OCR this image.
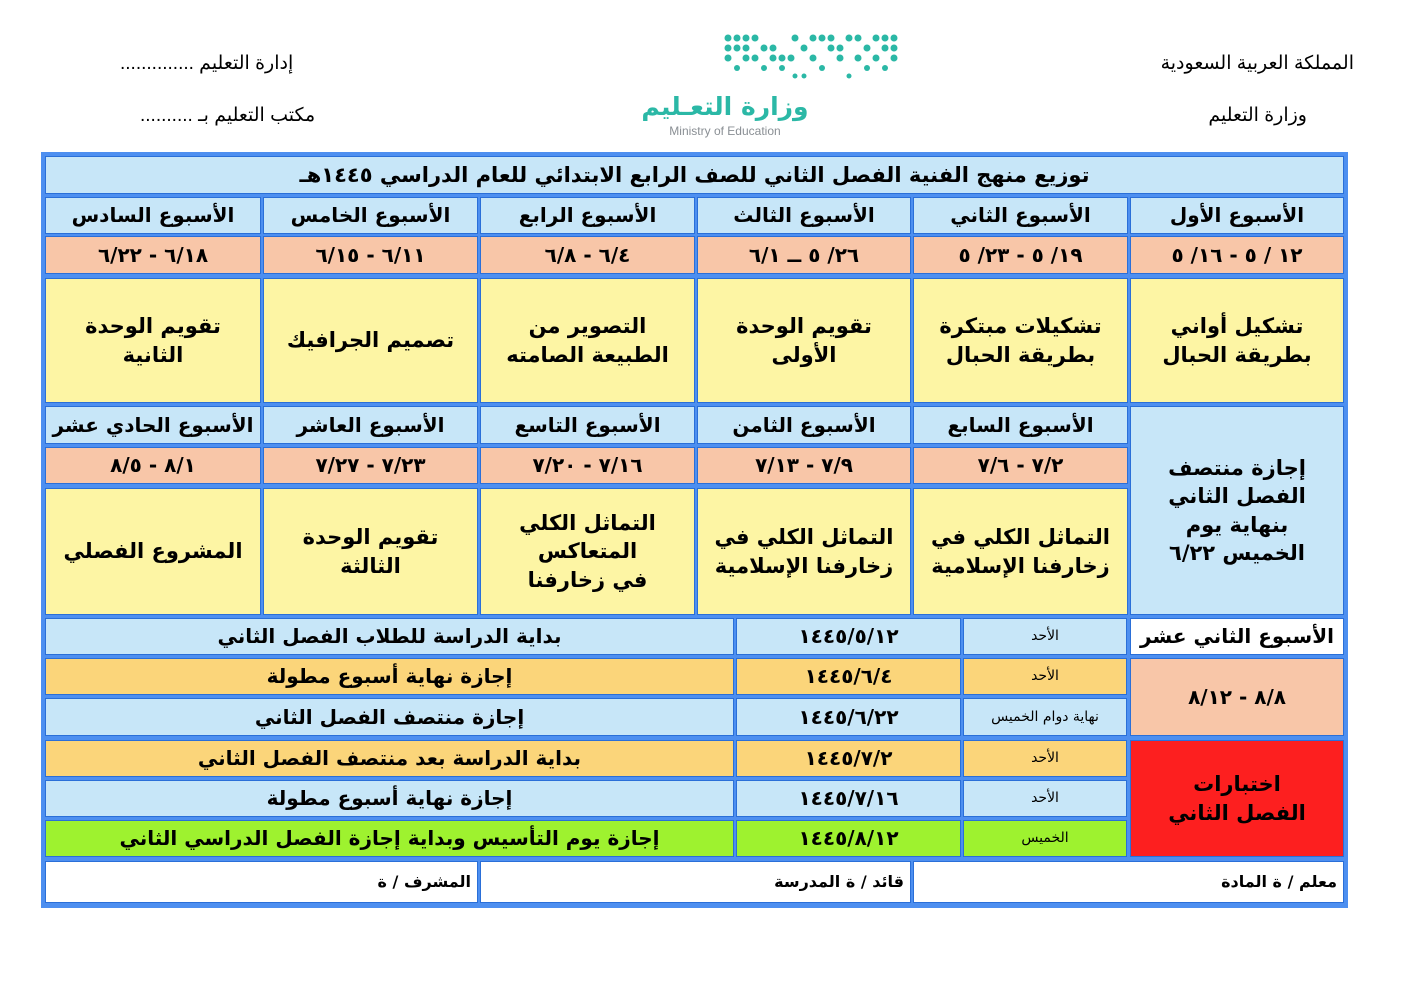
المملكة العربية السعودية
وزارة التعليم
إدارة التعليم ..............
مكتب التعليم بـ ..........	وزارة التعـليم
Ministry of Education
توزيع منهج الفنية الفصل الثاني للصف الرابع الابتدائي للعام الدراسي ١٤٤٥هـ
الأسبوع الأول
الأسبوع الثاني
الأسبوع الثالث
الأسبوع الرابع
الأسبوع الخامس
الأسبوع السادس
١٢ / ٥ - ١٦/ ٥
١٩/ ٥ - ٢٣/ ٥
٢٦/ ٥ ــ ٦/١
٦/٤ - ٦/٨
٦/١١ - ٦/١٥
٦/١٨ - ٦/٢٢
تشكيل أواني بطريقة الحبال
تشكيلات مبتكرة بطريقة الحبال
تقويم الوحدة الأولى
التصوير من الطبيعة الصامته
تصميم الجرافيك
تقويم الوحدة الثانية
إجازة منتصف الفصل الثاني بنهاية يوم الخميس ٦/٢٢
الأسبوع السابع
الأسبوع الثامن
الأسبوع التاسع
الأسبوع العاشر
الأسبوع الحادي عشر
٧/٢ - ٧/٦
٧/٩ - ٧/١٣
٧/١٦ - ٧/٢٠
٧/٢٣ - ٧/٢٧
٨/١ - ٨/٥
التماثل الكلي في زخارفنا الإسلامية
التماثل الكلي في زخارفنا الإسلامية
التماثل الكلي المتعاكس في زخارفنا
تقويم الوحدة الثالثة
المشروع الفصلي
الأسبوع الثاني عشر
٨/٨ - ٨/١٢
اختبارات الفصل الثاني
الأحد
١٤٤٥/٥/١٢
بداية الدراسة للطلاب الفصل الثاني
الأحد
١٤٤٥/٦/٤
إجازة نهاية أسبوع مطولة
نهاية دوام الخميس
١٤٤٥/٦/٢٢
إجازة منتصف الفصل الثاني
الأحد
١٤٤٥/٧/٢
بداية الدراسة بعد منتصف الفصل الثاني
الأحد
١٤٤٥/٧/١٦
إجازة نهاية أسبوع مطولة
الخميس
١٤٤٥/٨/١٢
إجازة يوم التأسيس وبداية إجازة الفصل الدراسي الثاني
معلم / ة المادة
قائد / ة المدرسة
المشرف / ة
